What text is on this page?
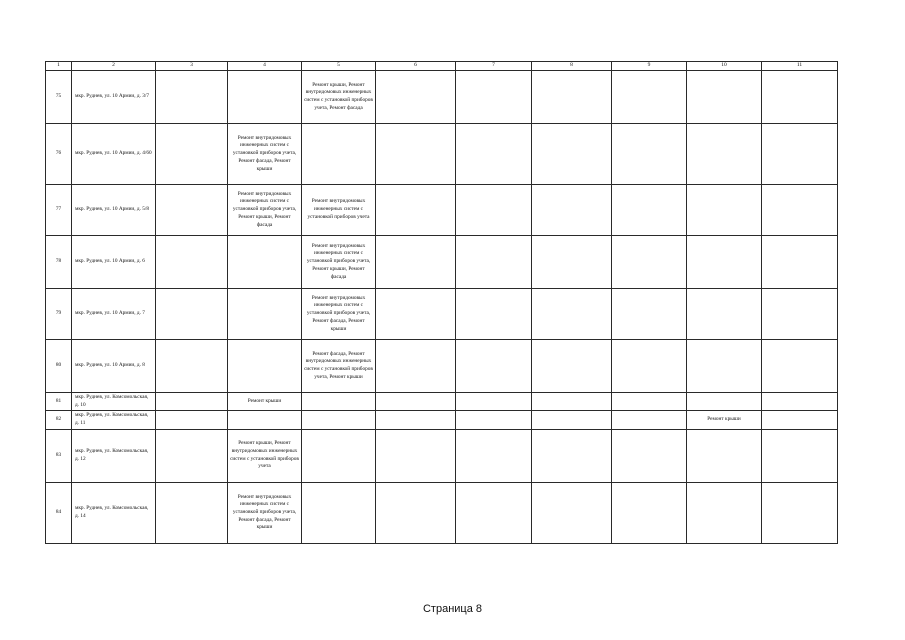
1	2	3	4	5	6	7	8	9	10	11
75	мкр. Руднев, ул. 10 Армии, д. 3/7			Ремонт крыши, Ремонт внутридомовых инженерных систем с установкой приборов учета, Ремонт фасада						
76	мкр. Руднев, ул. 10 Армии, д. 4/60		Ремонт внутридомовых инженерных систем с установкой приборов учета, Ремонт фасада, Ремонт крыши							
77	мкр. Руднев, ул. 10 Армии, д. 5/8		Ремонт внутридомовых инженерных систем с установкой приборов учета, Ремонт крыши, Ремонт фасада	Ремонт внутридомовых инженерных систем с установкой приборов учета						
78	мкр. Руднев, ул. 10 Армии, д. 6			Ремонт внутридомовых инженерных систем с установкой приборов учета, Ремонт крыши, Ремонт фасада						
79	мкр. Руднев, ул. 10 Армии, д. 7			Ремонт внутридомовых инженерных систем с установкой приборов учета, Ремонт фасада, Ремонт крыши						
80	мкр. Руднев, ул. 10 Армии, д. 8			Ремонт фасада, Ремонт внутридомовых инженерных систем с установкой приборов учета, Ремонт крыши						
81	мкр. Руднев, ул. Комсомольская, д. 10		Ремонт крыши							
82	мкр. Руднев, ул. Комсомольская, д. 11								Ремонт крыши	
83	мкр. Руднев, ул. Комсомольская, д. 12		Ремонт крыши, Ремонт внутридомовых инженерных систем с установкой приборов учета							
84	мкр. Руднев, ул. Комсомольская, д. 14		Ремонт внутридомовых инженерных систем с установкой приборов учета, Ремонт фасада, Ремонт крыши							
Страница 8
